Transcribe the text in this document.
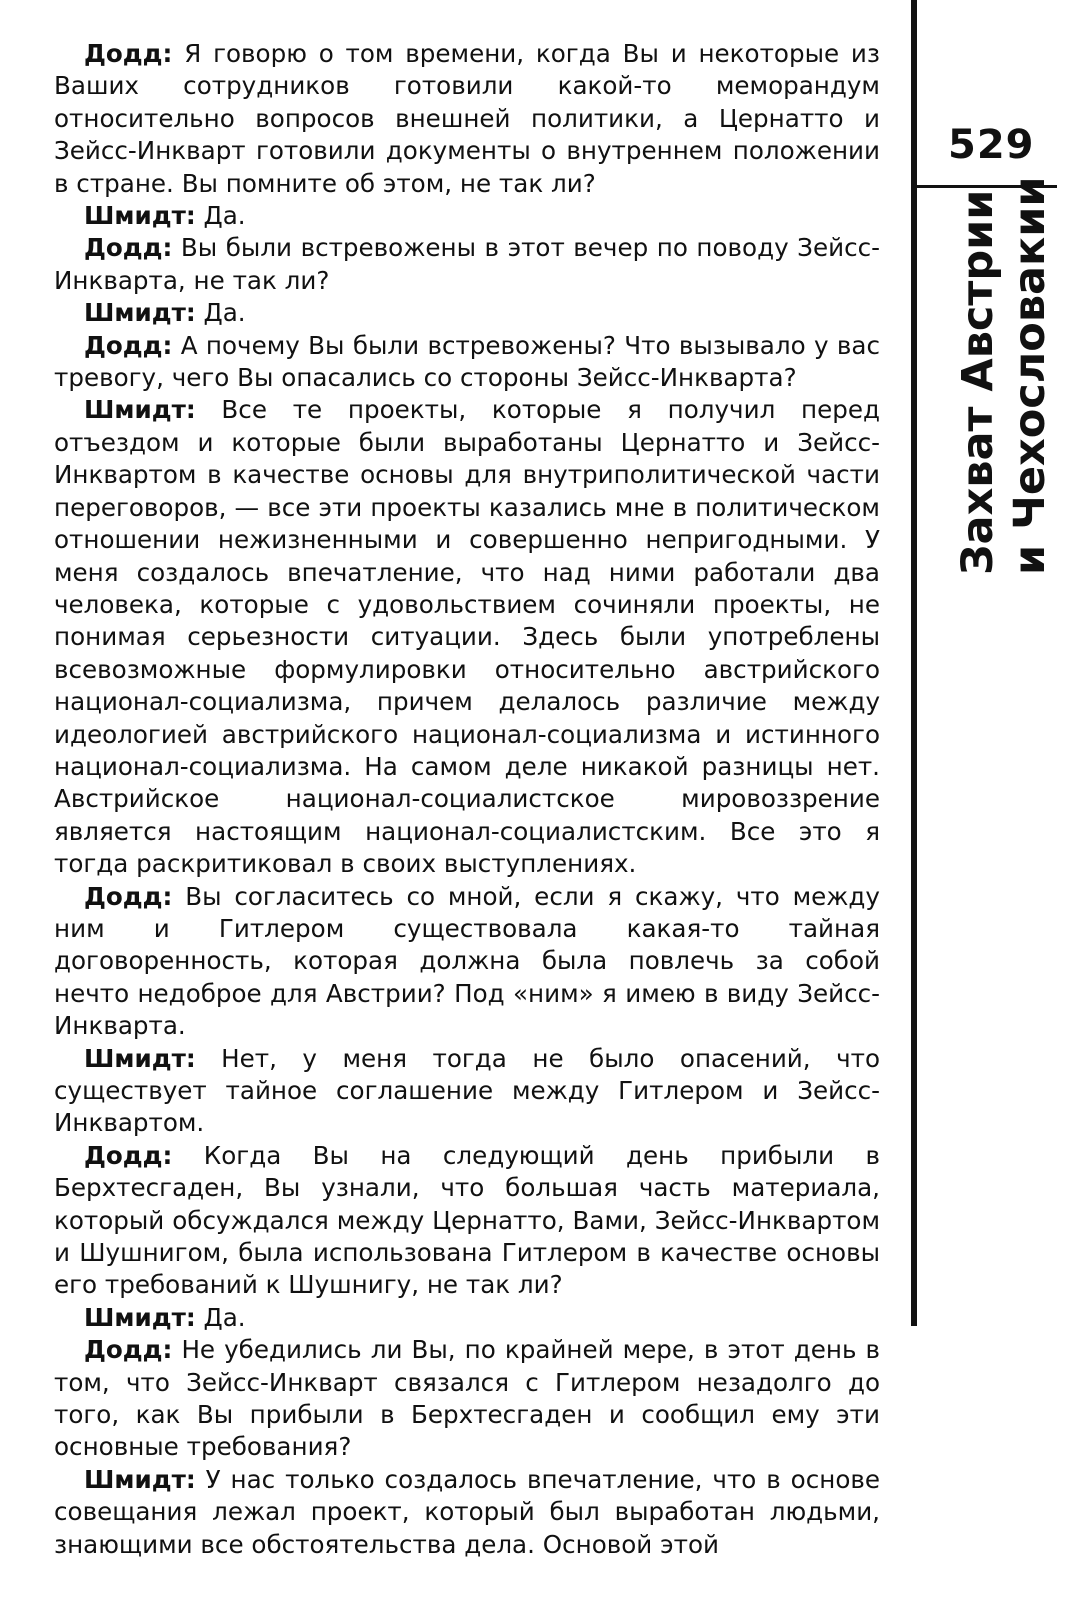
Додд: Я говорю о том времени, когда Вы и некоторые из Ваших сотрудников готовили какой-то меморандум относительно вопросов внешней политики, а Цернатто и Зейсс-Инкварт готовили документы о внутреннем положении в стране. Вы помните об этом, не так ли?

Шмидт: Да.

Додд: Вы были встревожены в этот вечер по поводу Зейсс-Инкварта, не так ли?

Шмидт: Да.

Додд: А почему Вы были встревожены? Что вызывало у вас тревогу, чего Вы опасались со стороны Зейсс-Инкварта?

Шмидт: Все те проекты, которые я получил перед отъездом и которые были выработаны Цернатто и Зейсс-Инквартом в качестве основы для внутриполитической части переговоров, — все эти проекты казались мне в политическом отношении нежизненными и совершенно непригодными. У меня создалось впечатление, что над ними работали два человека, которые с удовольствием сочиняли проекты, не понимая серьезности ситуации. Здесь были употреблены всевозможные формулировки относительно австрийского национал-социализма, причем делалось различие между идеологией австрийского национал-социализма и истинного национал-социализма. На самом деле никакой разницы нет. Австрийское национал-социалистское мировоззрение является настоящим национал-социалистским. Все это я тогда раскритиковал в своих выступлениях.

Додд: Вы согласитесь со мной, если я скажу, что между ним и Гитлером существовала какая-то тайная договоренность, которая должна была повлечь за собой нечто недоброе для Австрии? Под «ним» я имею в виду Зейсс-Инкварта.

Шмидт: Нет, у меня тогда не было опасений, что существует тайное соглашение между Гитлером и Зейсс-Инквартом.

Додд: Когда Вы на следующий день прибыли в Берхтесгаден, Вы узнали, что большая часть материала, который обсуждался между Цернатто, Вами, Зейсс-Инквартом и Шушнигом, была использована Гитлером в качестве основы его требований к Шушнигу, не так ли?

Шмидт: Да.

Додд: Не убедились ли Вы, по крайней мере, в этот день в том, что Зейсс-Инкварт связался с Гитлером незадолго до того, как Вы прибыли в Берхтесгаден и сообщил ему эти основные требования?

Шмидт: У нас только создалось впечатление, что в основе совещания лежал проект, который был выработан людьми, знающими все обстоятельства дела. Основой этой

529
Захват Австрии и Чехословакии
